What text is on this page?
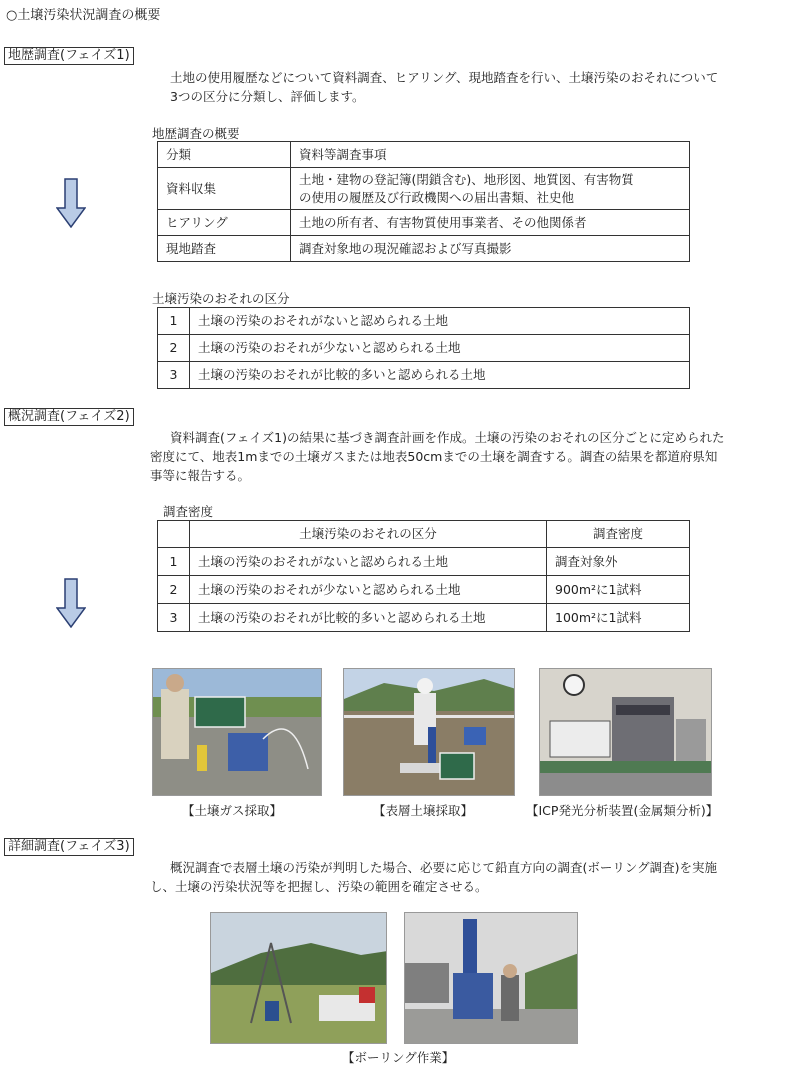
○土壌汚染状況調査の概要
地歴調査(フェイズ1)
土地の使用履歴などについて資料調査、ヒアリング、現地踏査を行い、土壌汚染のおそれについて
3つの区分に分類し、評価します。
地歴調査の概要
分類	資料等調査事項
資料収集	土地・建物の登記簿(閉鎖含む)、地形図、地質図、有害物質
の使用の履歴及び行政機関への届出書類、社史他

ヒアリング	土地の所有者、有害物質使用事業者、その他関係者
現地踏査	調査対象地の現況確認および写真撮影
土壌汚染のおそれの区分
1	土壌の汚染のおそれがないと認められる土地
2	土壌の汚染のおそれが少ないと認められる土地
3	土壌の汚染のおそれが比較的多いと認められる土地
概況調査(フェイズ2)
資料調査(フェイズ1)の結果に基づき調査計画を作成。土壌の汚染のおそれの区分ごとに定められた
密度にて、地表1mまでの土壌ガスまたは地表50cmまでの土壌を調査する。調査の結果を都道府県知
事等に報告する。
調査密度
	土壌汚染のおそれの区分	調査密度
1	土壌の汚染のおそれがないと認められる土地	調査対象外
2	土壌の汚染のおそれが少ないと認められる土地	900m²に1試料
3	土壌の汚染のおそれが比較的多いと認められる土地	100m²に1試料
【土壌ガス採取】	【表層土壌採取】	【ICP発光分析装置(金属類分析)】
詳細調査(フェイズ3)
概況調査で表層土壌の汚染が判明した場合、必要に応じて鉛直方向の調査(ボーリング調査)を実施
し、土壌の汚染状況等を把握し、汚染の範囲を確定させる。
【ボーリング作業】
